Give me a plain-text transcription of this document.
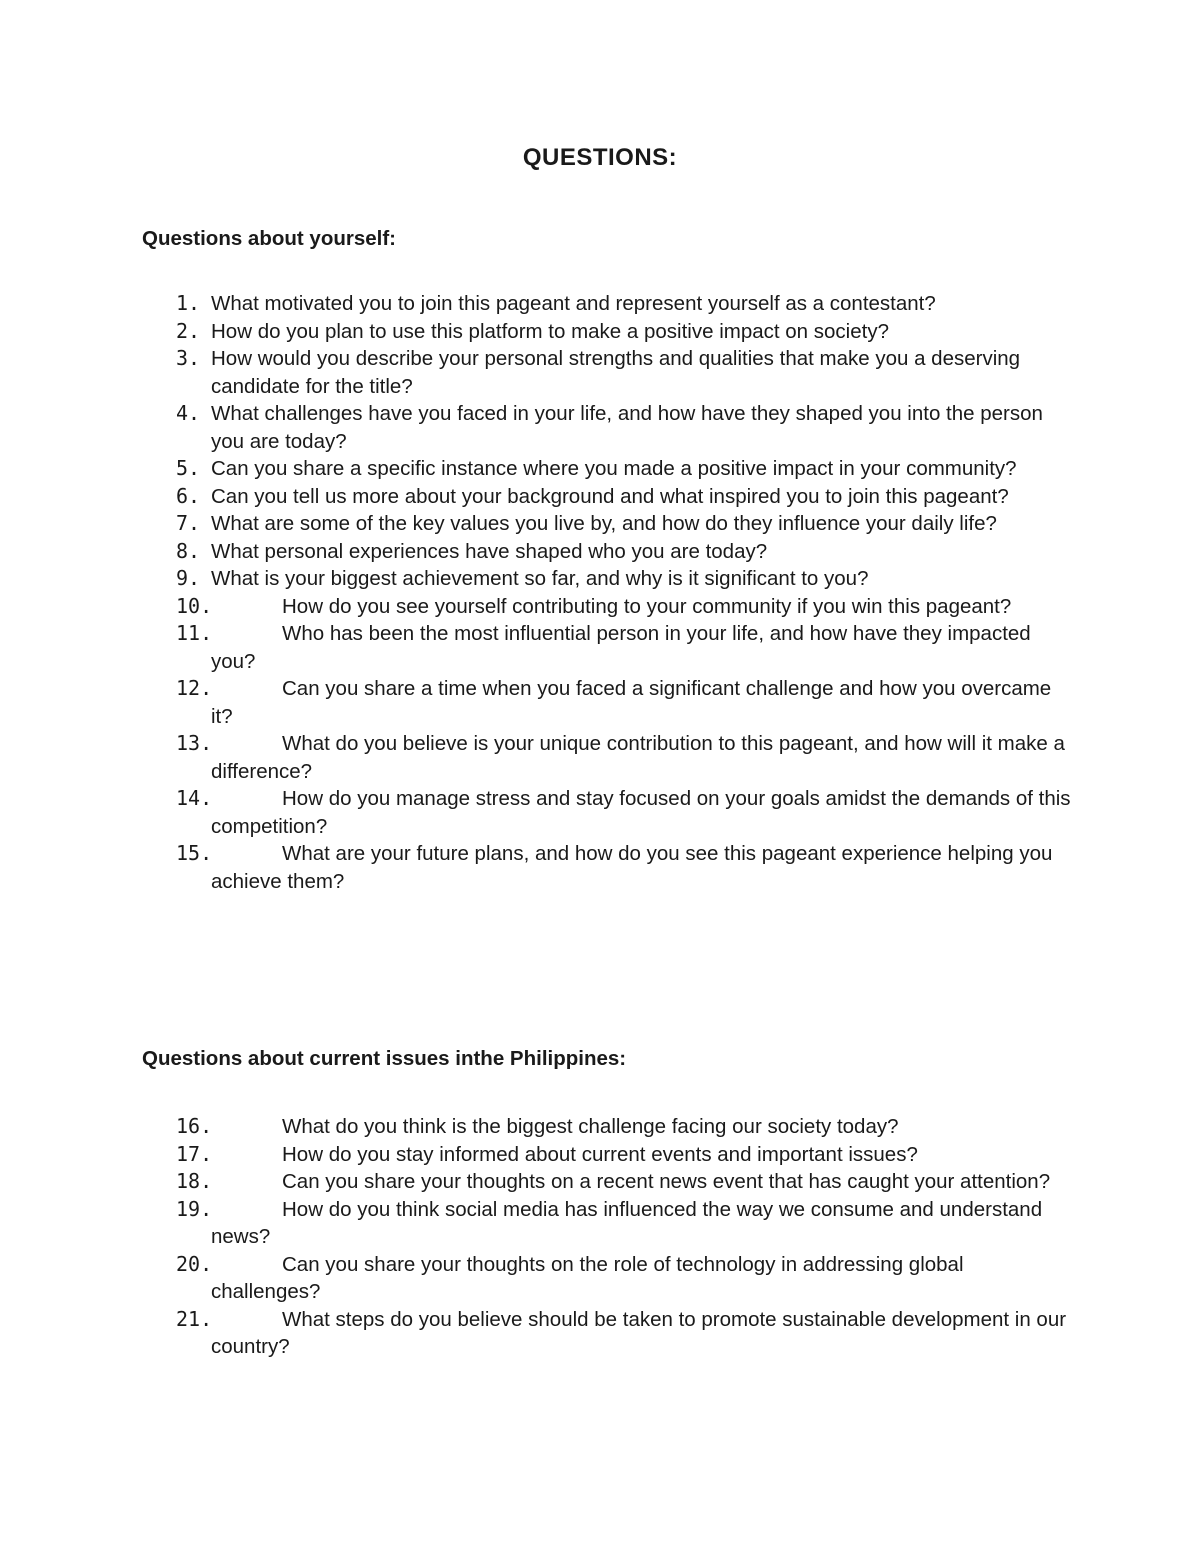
QUESTIONS:
Questions about yourself:
1. What motivated you to join this pageant and represent yourself as a contestant?
2. How do you plan to use this platform to make a positive impact on society?
3. How would you describe your personal strengths and qualities that make you a deserving candidate for the title?
4. What challenges have you faced in your life, and how have they shaped you into the person you are today?
5. Can you share a specific instance where you made a positive impact in your community?
6. Can you tell us more about your background and what inspired you to join this pageant?
7. What are some of the key values you live by, and how do they influence your daily life?
8. What personal experiences have shaped who you are today?
9. What is your biggest achievement so far, and why is it significant to you?
10.	How do you see yourself contributing to your community if you win this pageant?
11.	Who has been the most influential person in your life, and how have they impacted you?
12.	Can you share a time when you faced a significant challenge and how you overcame it?
13.	What do you believe is your unique contribution to this pageant, and how will it make a difference?
14.	How do you manage stress and stay focused on your goals amidst the demands of this competition?
15.	What are your future plans, and how do you see this pageant experience helping you achieve them?
Questions about current issues inthe Philippines:
16.	What do you think is the biggest challenge facing our society today?
17.	How do you stay informed about current events and important issues?
18.	Can you share your thoughts on a recent news event that has caught your attention?
19.	How do you think social media has influenced the way we consume and understand news?
20.	Can you share your thoughts on the role of technology in addressing global challenges?
21.	What steps do you believe should be taken to promote sustainable development in our country?
